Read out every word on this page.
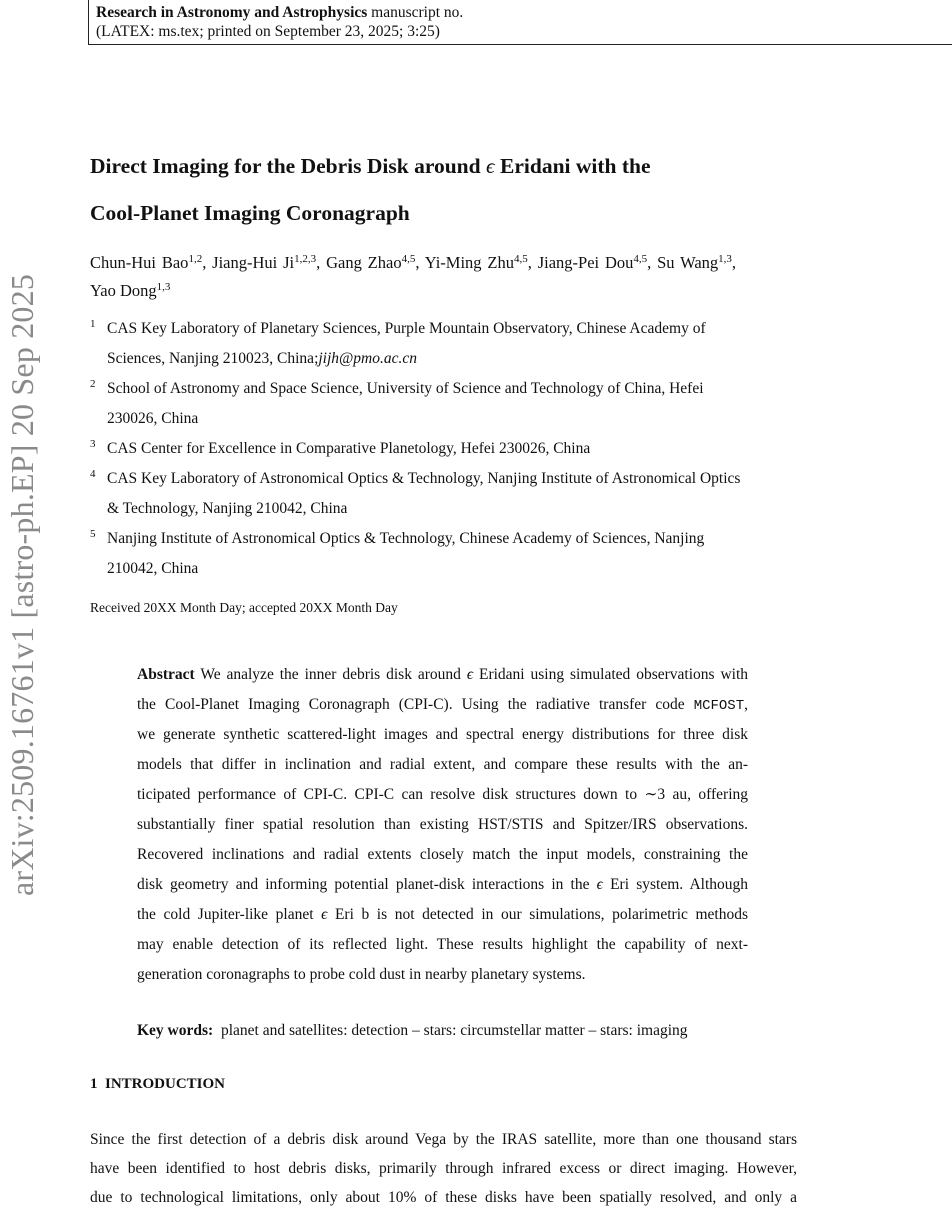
Research in Astronomy and Astrophysics manuscript no.
(LATEX: ms.tex; printed on September 23, 2025; 3:25)
arXiv:2509.16761v1 [astro-ph.EP] 20 Sep 2025
Direct Imaging for the Debris Disk around ϵ Eridani with the
Cool-Planet Imaging Coronagraph
Chun-Hui Bao$^{1,2}$, Jiang-Hui Ji$^{1,2,3}$, Gang Zhao$^{4,5}$, Yi-Ming Zhu$^{4,5}$, Jiang-Pei Dou$^{4,5}$, Su Wang$^{1,3}$, Yao Dong$^{1,3}$
1 CAS Key Laboratory of Planetary Sciences, Purple Mountain Observatory, Chinese Academy of
Sciences, Nanjing 210023, China;jijh@pmo.ac.cn
2 School of Astronomy and Space Science, University of Science and Technology of China, Hefei
230026, China
3 CAS Center for Excellence in Comparative Planetology, Hefei 230026, China
4 CAS Key Laboratory of Astronomical Optics & Technology, Nanjing Institute of Astronomical Optics
& Technology, Nanjing 210042, China
5 Nanjing Institute of Astronomical Optics & Technology, Chinese Academy of Sciences, Nanjing
210042, China
Received 20XX Month Day; accepted 20XX Month Day
Abstract We analyze the inner debris disk around ϵ Eridani using simulated observations with
the Cool-Planet Imaging Coronagraph (CPI-C). Using the radiative transfer code MCFOST,
we generate synthetic scattered-light images and spectral energy distributions for three disk
models that differ in inclination and radial extent, and compare these results with the an-
ticipated performance of CPI-C. CPI-C can resolve disk structures down to ∼3 au, offering
substantially finer spatial resolution than existing HST/STIS and Spitzer/IRS observations.
Recovered inclinations and radial extents closely match the input models, constraining the
disk geometry and informing potential planet-disk interactions in the ϵ Eri system. Although
the cold Jupiter-like planet ϵ Eri b is not detected in our simulations, polarimetric methods
may enable detection of its reflected light. These results highlight the capability of next-
generation coronagraphs to probe cold dust in nearby planetary systems.
Key words:  planet and satellites: detection – stars: circumstellar matter – stars: imaging
1 INTRODUCTION
Since the first detection of a debris disk around Vega by the IRAS satellite, more than one thousand stars
have been identified to host debris disks, primarily through infrared excess or direct imaging. However,
due to technological limitations, only about 10% of these disks have been spatially resolved, and only a
